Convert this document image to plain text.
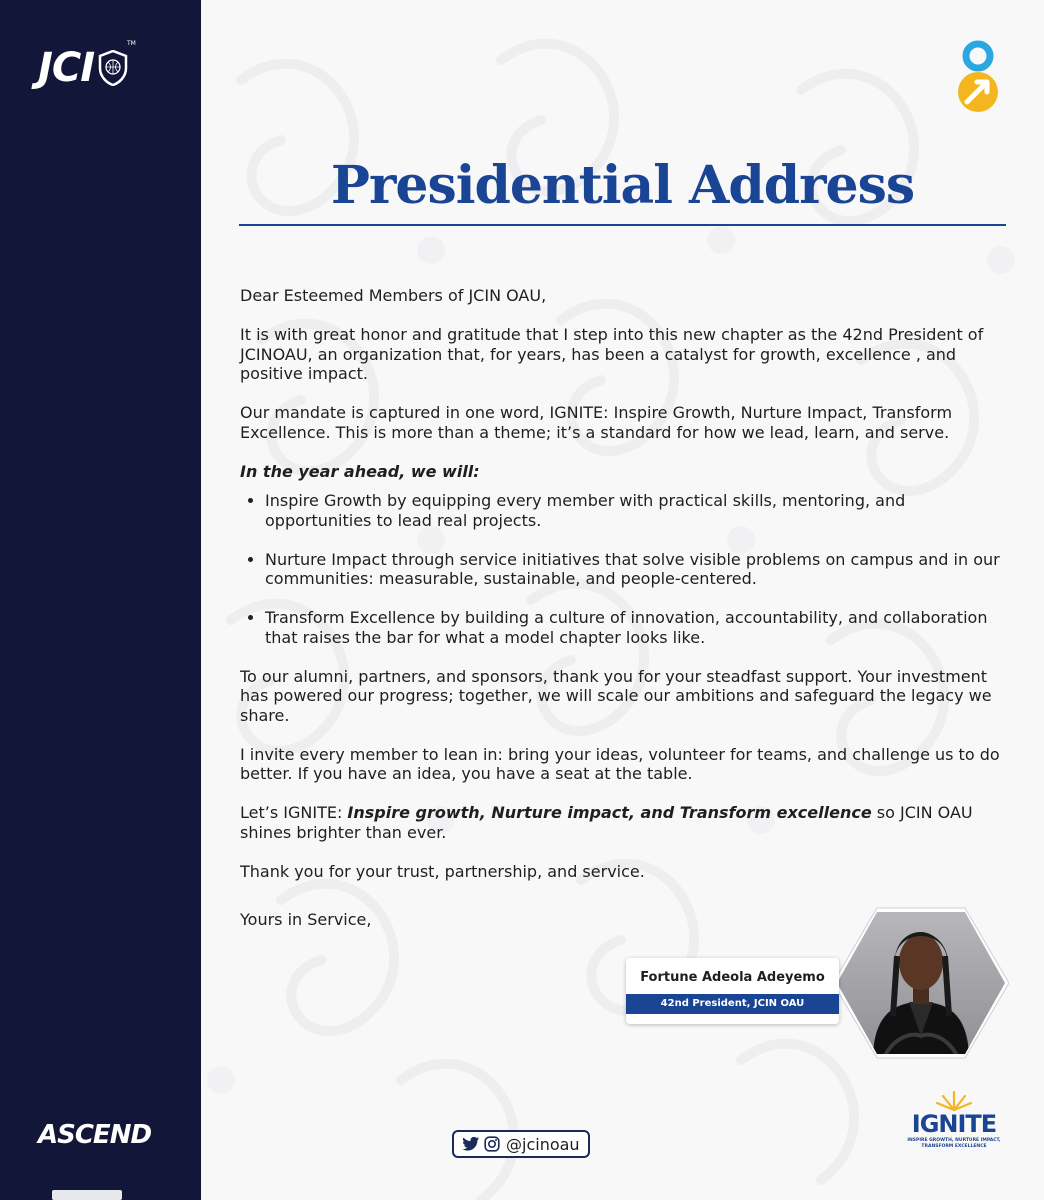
JCI
TM
ASCEND
Presidential Address

Dear Esteemed Members of JCIN OAU,

It is with great honor and gratitude that I step into this new chapter as the 42nd President of JCINOAU, an organization that, for years, has been a catalyst for growth, excellence , and positive impact.

Our mandate is captured in one word, IGNITE: Inspire Growth, Nurture Impact, Transform Excellence. This is more than a theme; it’s a standard for how we lead, learn, and serve.

In the year ahead, we will:

• Inspire Growth by equipping every member with practical skills, mentoring, and opportunities to lead real projects.
• Nurture Impact through service initiatives that solve visible problems on campus and in our communities: measurable, sustainable, and people-centered.
• Transform Excellence by building a culture of innovation, accountability, and collaboration that raises the bar for what a model chapter looks like.

To our alumni, partners, and sponsors, thank you for your steadfast support. Your investment has powered our progress; together, we will scale our ambitions and safeguard the legacy we share.

I invite every member to lean in: bring your ideas, volunteer for teams, and challenge us to do better. If you have an idea, you have a seat at the table.

Let’s IGNITE: Inspire growth, Nurture impact, and Transform excellence so JCIN OAU shines brighter than ever.

Thank you for your trust, partnership, and service.

Yours in Service,

Fortune Adeola Adeyemo
42nd President, JCIN OAU
@jcinoau
IGNITE
INSPIRE GROWTH, NURTURE IMPACT, TRANSFORM EXCELLENCE
